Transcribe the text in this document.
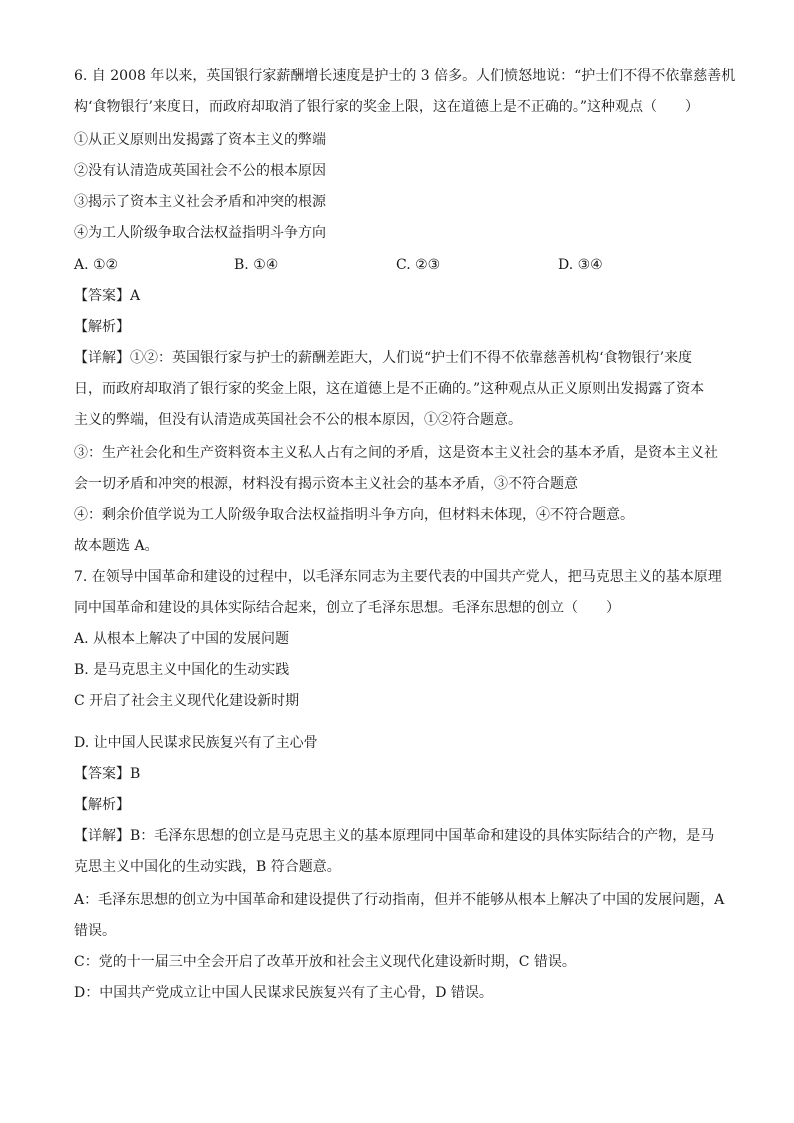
6. 自 2008 年以来，英国银行家薪酬增长速度是护士的 3 倍多。人们愤怒地说：“护士们不得不依靠慈善机
构‘食物银行’来度日，而政府却取消了银行家的奖金上限，这在道德上是不正确的。”这种观点（　　）
①从正义原则出发揭露了资本主义的弊端
②没有认清造成英国社会不公的根本原因
③揭示了资本主义社会矛盾和冲突的根源
④为工人阶级争取合法权益指明斗争方向
A. ①②	B. ①④	C. ②③	D. ③④
【答案】A
【解析】
【详解】①②：英国银行家与护士的薪酬差距大，人们说“护士们不得不依靠慈善机构‘食物银行’来度
日，而政府却取消了银行家的奖金上限，这在道德上是不正确的。”这种观点从正义原则出发揭露了资本
主义的弊端，但没有认清造成英国社会不公的根本原因，①②符合题意。
③：生产社会化和生产资料资本主义私人占有之间的矛盾，这是资本主义社会的基本矛盾，是资本主义社
会一切矛盾和冲突的根源，材料没有揭示资本主义社会的基本矛盾，③不符合题意
④：剩余价值学说为工人阶级争取合法权益指明斗争方向，但材料未体现，④不符合题意。
故本题选 A。
7. 在领导中国革命和建设的过程中，以毛泽东同志为主要代表的中国共产党人，把马克思主义的基本原理
同中国革命和建设的具体实际结合起来，创立了毛泽东思想。毛泽东思想的创立（　　）
A. 从根本上解决了中国的发展问题
B. 是马克思主义中国化的生动实践
C 开启了社会主义现代化建设新时期
D. 让中国人民谋求民族复兴有了主心骨
【答案】B
【解析】
【详解】B：毛泽东思想的创立是马克思主义的基本原理同中国革命和建设的具体实际结合的产物，是马
克思主义中国化的生动实践，B 符合题意。
A：毛泽东思想的创立为中国革命和建设提供了行动指南，但并不能够从根本上解决了中国的发展问题，A
错误。
C：党的十一届三中全会开启了改革开放和社会主义现代化建设新时期，C 错误。
D：中国共产党成立让中国人民谋求民族复兴有了主心骨，D 错误。
